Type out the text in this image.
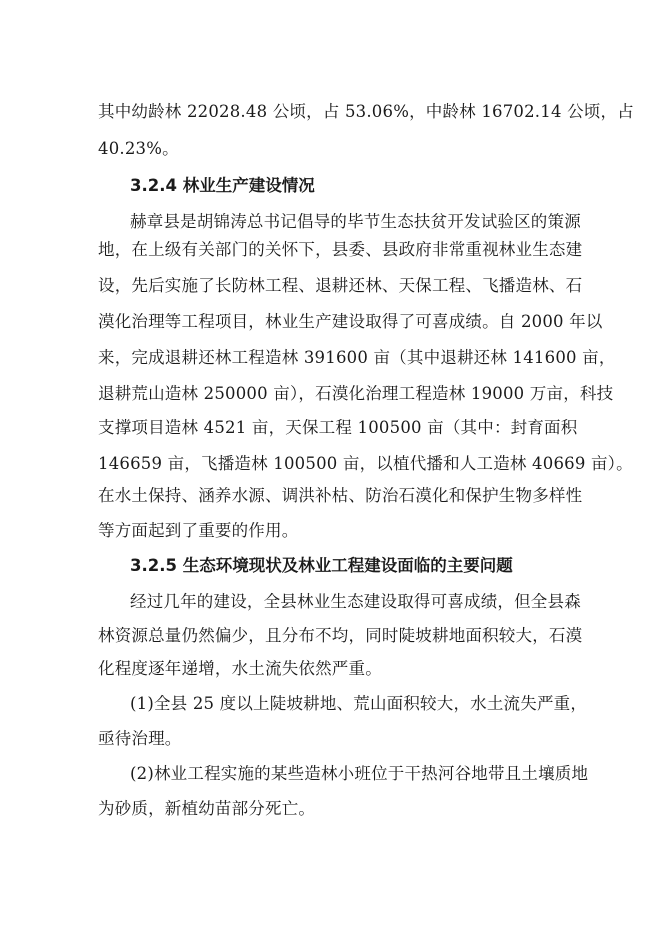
其中幼龄林 22028.48 公顷，占 53.06%，中龄林 16702.14 公顷，占
40.23%。
3.2.4 林业生产建设情况
赫章县是胡锦涛总书记倡导的毕节生态扶贫开发试验区的策源
地，在上级有关部门的关怀下，县委、县政府非常重视林业生态建
设，先后实施了长防林工程、退耕还林、天保工程、飞播造林、石
漠化治理等工程项目，林业生产建设取得了可喜成绩。自 2000 年以
来，完成退耕还林工程造林 391600 亩（其中退耕还林 141600 亩，
退耕荒山造林 250000 亩），石漠化治理工程造林 19000 万亩，科技
支撑项目造林 4521 亩，天保工程 100500 亩（其中：封育面积
146659 亩，飞播造林 100500 亩，以植代播和人工造林 40669 亩）。
在水土保持、涵养水源、调洪补枯、防治石漠化和保护生物多样性
等方面起到了重要的作用。
3.2.5 生态环境现状及林业工程建设面临的主要问题
经过几年的建设，全县林业生态建设取得可喜成绩，但全县森
林资源总量仍然偏少，且分布不均，同时陡坡耕地面积较大，石漠
化程度逐年递增，水土流失依然严重。
(1)全县 25 度以上陡坡耕地、荒山面积较大，水土流失严重，
亟待治理。
(2)林业工程实施的某些造林小班位于干热河谷地带且土壤质地
为砂质，新植幼苗部分死亡。
